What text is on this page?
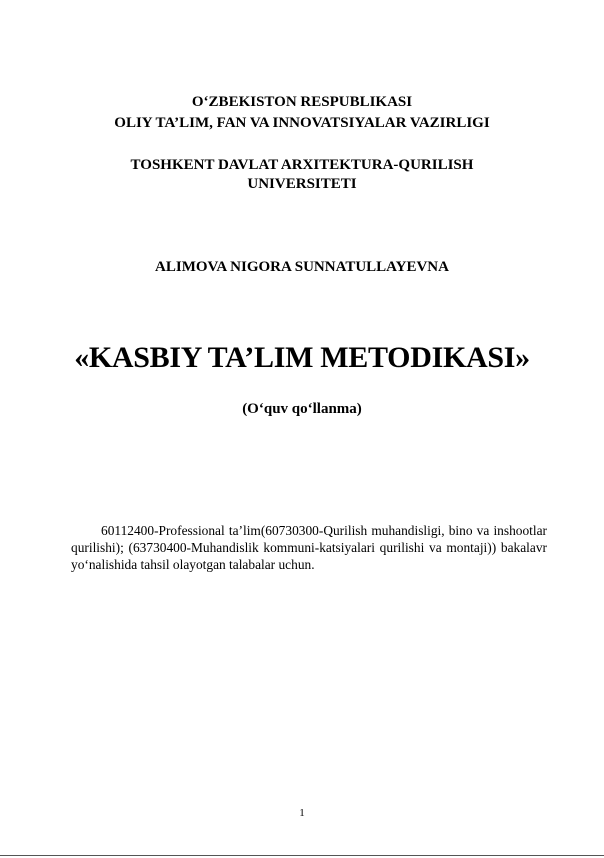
O‘ZBEKISTON RESPUBLIKASI
OLIY TA’LIM, FAN VA INNOVATSIYALAR VAZIRLIGI
TOSHKENT DAVLAT ARXITEKTURA-QURILISH
UNIVERSITETI
ALIMOVA NIGORA SUNNATULLAYEVNA
«KASBIY TA’LIM METODIKASI»
(O‘quv qo‘llanma)

60112400-Professional ta’lim(60730300-Qurilish muhandisligi, bino va inshootlar qurilishi); (63730400-Muhandislik kommuni-katsiyalari qurilishi va montaji)) bakalavr yo‘nalishida tahsil olayotgan talabalar uchun.

1
